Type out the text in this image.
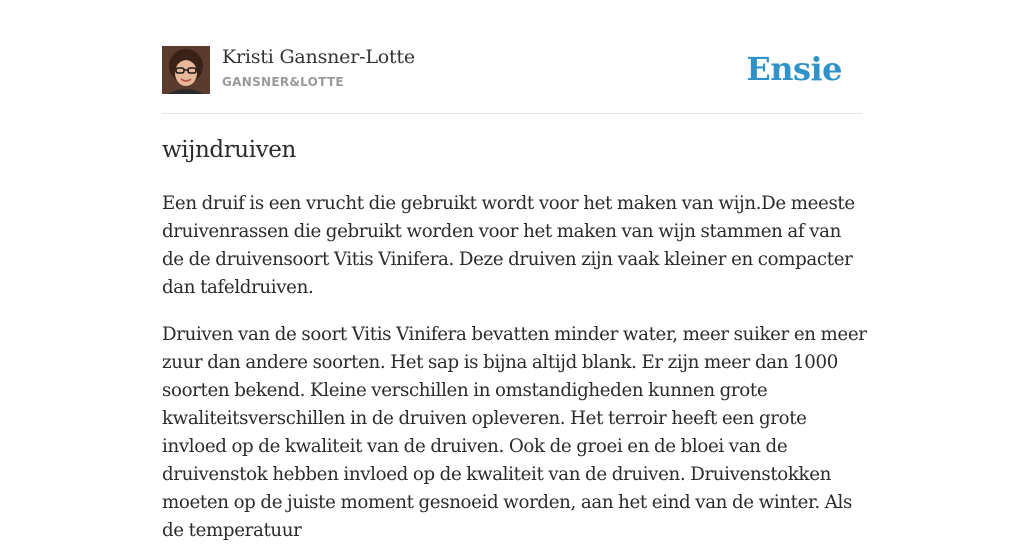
Kristi Gansner-Lotte
GANSNER&LOTTE	Ensie
wijndruiven

Een druif is een vrucht die gebruikt wordt voor het maken van wijn.De meeste druivenrassen die gebruikt worden voor het maken van wijn stammen af van de de druivensoort Vitis Vinifera. Deze druiven zijn vaak kleiner en compacter dan tafeldruiven.

Druiven van de soort Vitis Vinifera bevatten minder water, meer suiker en meer zuur dan andere soorten. Het sap is bijna altijd blank. Er zijn meer dan 1000 soorten bekend. Kleine verschillen in omstandigheden kunnen grote kwaliteitsverschillen in de druiven opleveren. Het terroir heeft een grote invloed op de kwaliteit van de druiven. Ook de groei en de bloei van de druivenstok hebben invloed op de kwaliteit van de druiven. Druivenstokken moeten op de juiste moment gesnoeid worden, aan het eind van de winter. Als de temperatuur
